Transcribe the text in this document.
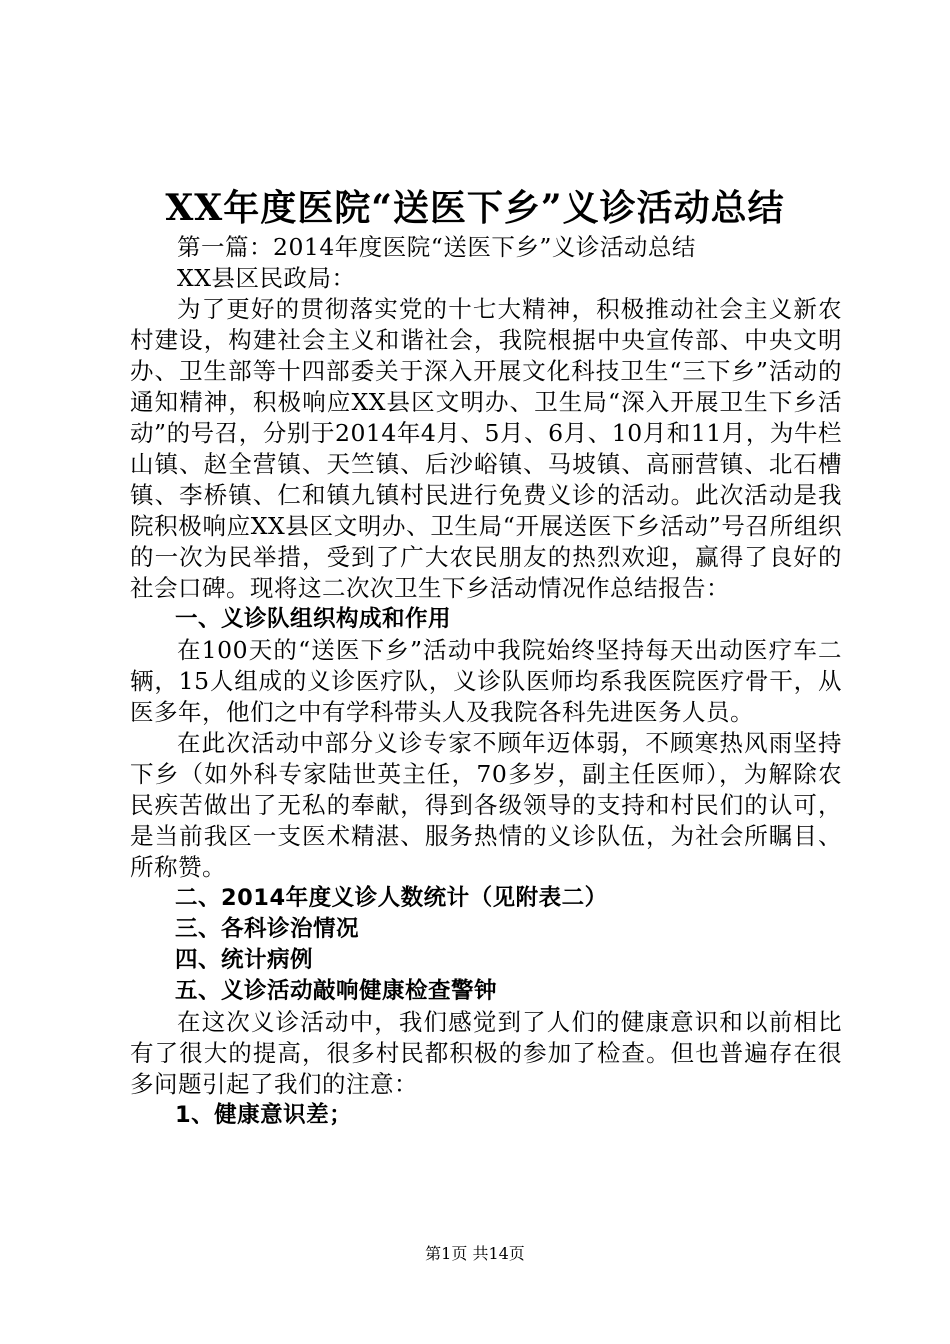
XX年度医院“送医下乡”义诊活动总结

第一篇：2014年度医院“送医下乡”义诊活动总结

XX县区民政局：

为了更好的贯彻落实党的十七大精神，积极推动社会主义新农村建设，构建社会主义和谐社会，我院根据中央宣传部、中央文明办、卫生部等十四部委关于深入开展文化科技卫生“三下乡”活动的通知精神，积极响应XX县区文明办、卫生局“深入开展卫生下乡活动”的号召，分别于2014年4月、5月、6月、10月和11月，为牛栏山镇、赵全营镇、天竺镇、后沙峪镇、马坡镇、高丽营镇、北石槽镇、李桥镇、仁和镇九镇村民进行免费义诊的活动。此次活动是我院积极响应XX县区文明办、卫生局“开展送医下乡活动”号召所组织的一次为民举措，受到了广大农民朋友的热烈欢迎，赢得了良好的社会口碑。现将这二次次卫生下乡活动情况作总结报告：

一、义诊队组织构成和作用

在100天的“送医下乡”活动中我院始终坚持每天出动医疗车二辆，15人组成的义诊医疗队，义诊队医师均系我医院医疗骨干，从医多年，他们之中有学科带头人及我院各科先进医务人员。

在此次活动中部分义诊专家不顾年迈体弱，不顾寒热风雨坚持下乡（如外科专家陆世英主任，70多岁，副主任医师），为解除农民疾苦做出了无私的奉献，得到各级领导的支持和村民们的认可，是当前我区一支医术精湛、服务热情的义诊队伍，为社会所瞩目、所称赞。

二、2014年度义诊人数统计（见附表二）

三、各科诊治情况

四、统计病例

五、义诊活动敲响健康检查警钟

在这次义诊活动中，我们感觉到了人们的健康意识和以前相比有了很大的提高，很多村民都积极的参加了检查。但也普遍存在很多问题引起了我们的注意：

1、健康意识差；

第1页 共14页
